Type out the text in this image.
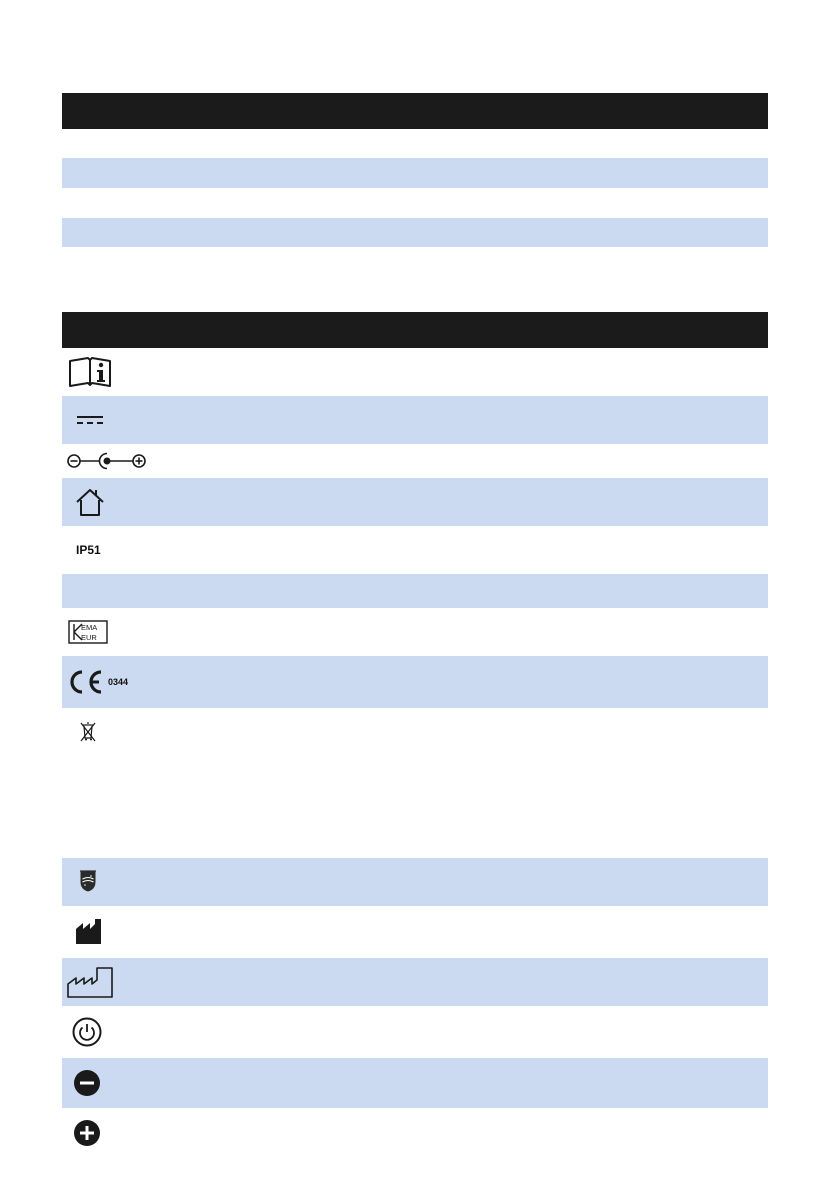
IP51
EMA
EUR
0344
